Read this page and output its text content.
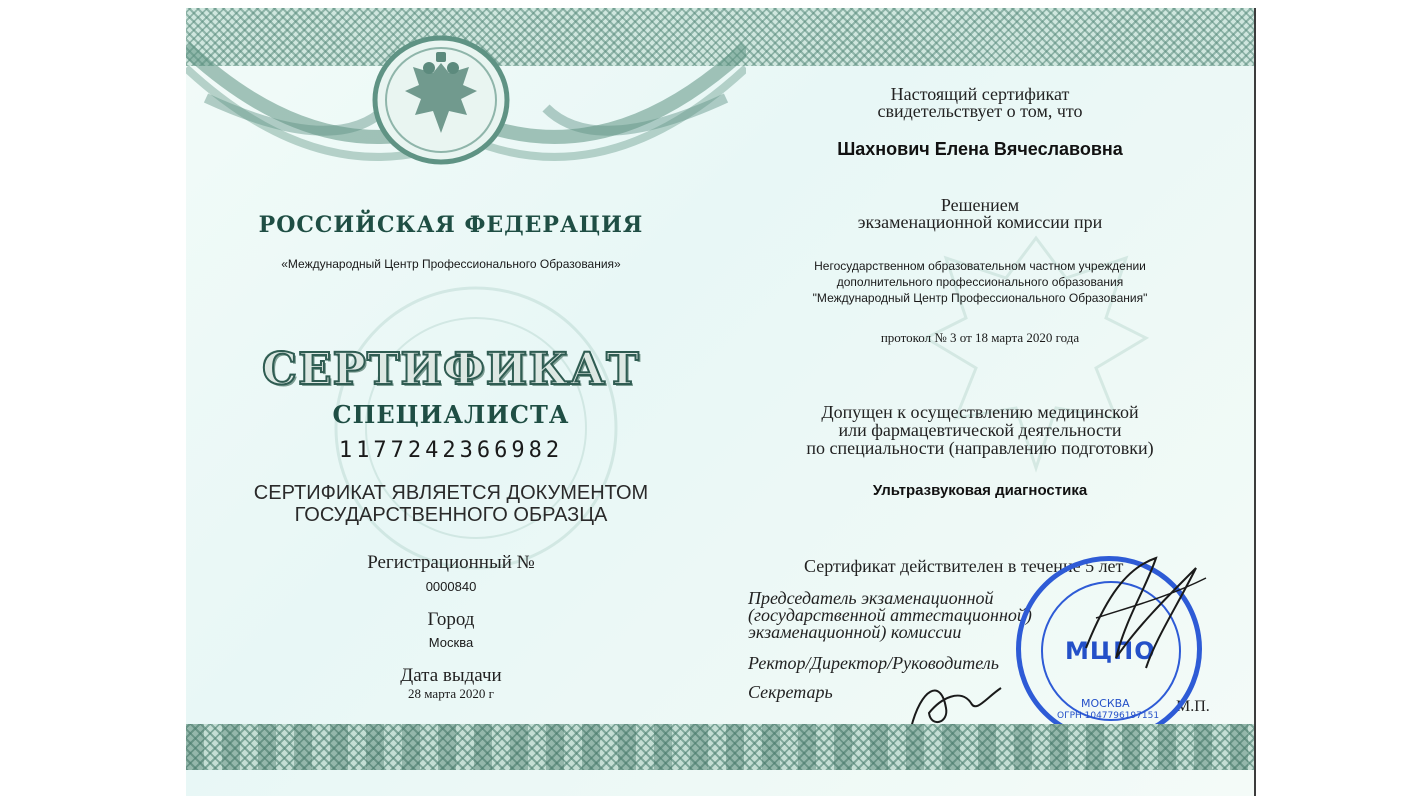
РОССИЙСКАЯ ФЕДЕРАЦИЯ

«Международный Центр Профессионального Образования»

СЕРТИФИКАТ

СПЕЦИАЛИСТА

1177242366982

СЕРТИФИКАТ ЯВЛЯЕТСЯ ДОКУМЕНТОМ

ГОСУДАРСТВЕННОГО ОБРАЗЦА

Регистрационный №

0000840

Город

Москва

Дата выдачи

28 марта 2020 г

Настоящий сертификат

свидетельствует о том, что

Шахнович Елена Вячеславовна

Решением

экзаменационной комиссии при

Негосударственном образовательном частном учреждении

дополнительного профессионального образования

"Международный Центр Профессионального Образования"

протокол № 3 от 18 марта 2020 года

Допущен к осуществлению медицинской

или фармацевтической деятельности

по специальности (направлению подготовки)

Ультразвуковая диагностика

Сертификат действителен в течение 5 лет

Председатель экзаменационной

(государственной аттестационной)

экзаменационной) комиссии

Ректор/Директор/Руководитель

Секретарь

М.П.

МЦПО
МОСКВА
ОГРН 1047796197151
